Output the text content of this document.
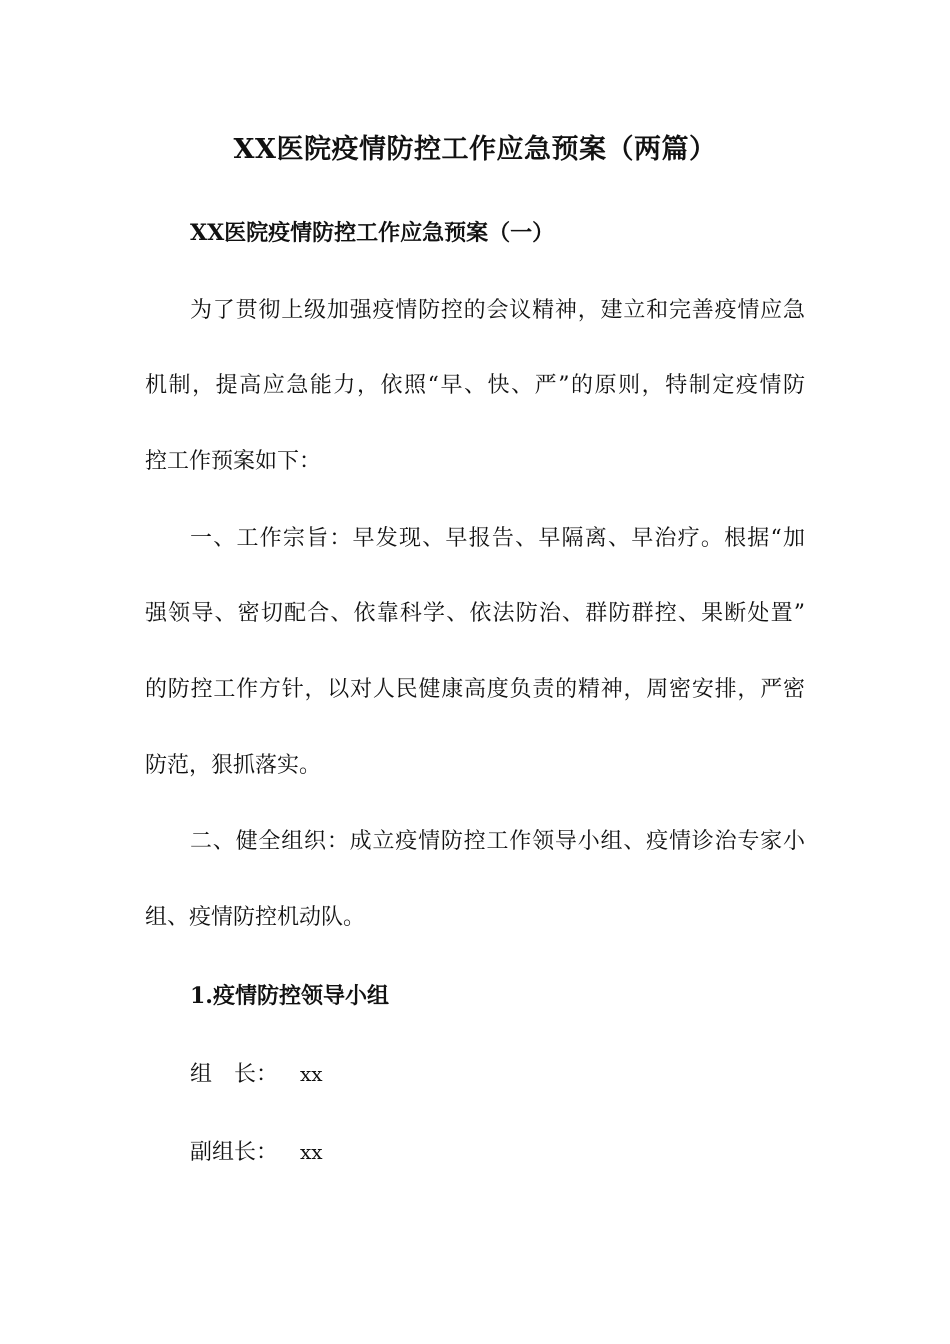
XX医院疫情防控工作应急预案（两篇）
XX医院疫情防控工作应急预案（一）
为了贯彻上级加强疫情防控的会议精神，建立和完善疫情应急
机制，提高应急能力，依照“早、快、严”的原则，特制定疫情防
控工作预案如下：
一、工作宗旨：早发现、早报告、早隔离、早治疗。根据“加
强领导、密切配合、依靠科学、依法防治、群防群控、果断处置”
的防控工作方针，以对人民健康高度负责的精神，周密安排，严密
防范，狠抓落实。
二、健全组织：成立疫情防控工作领导小组、疫情诊治专家小
组、疫情防控机动队。
1.疫情防控领导小组
组　长： xx
副组长： xx
